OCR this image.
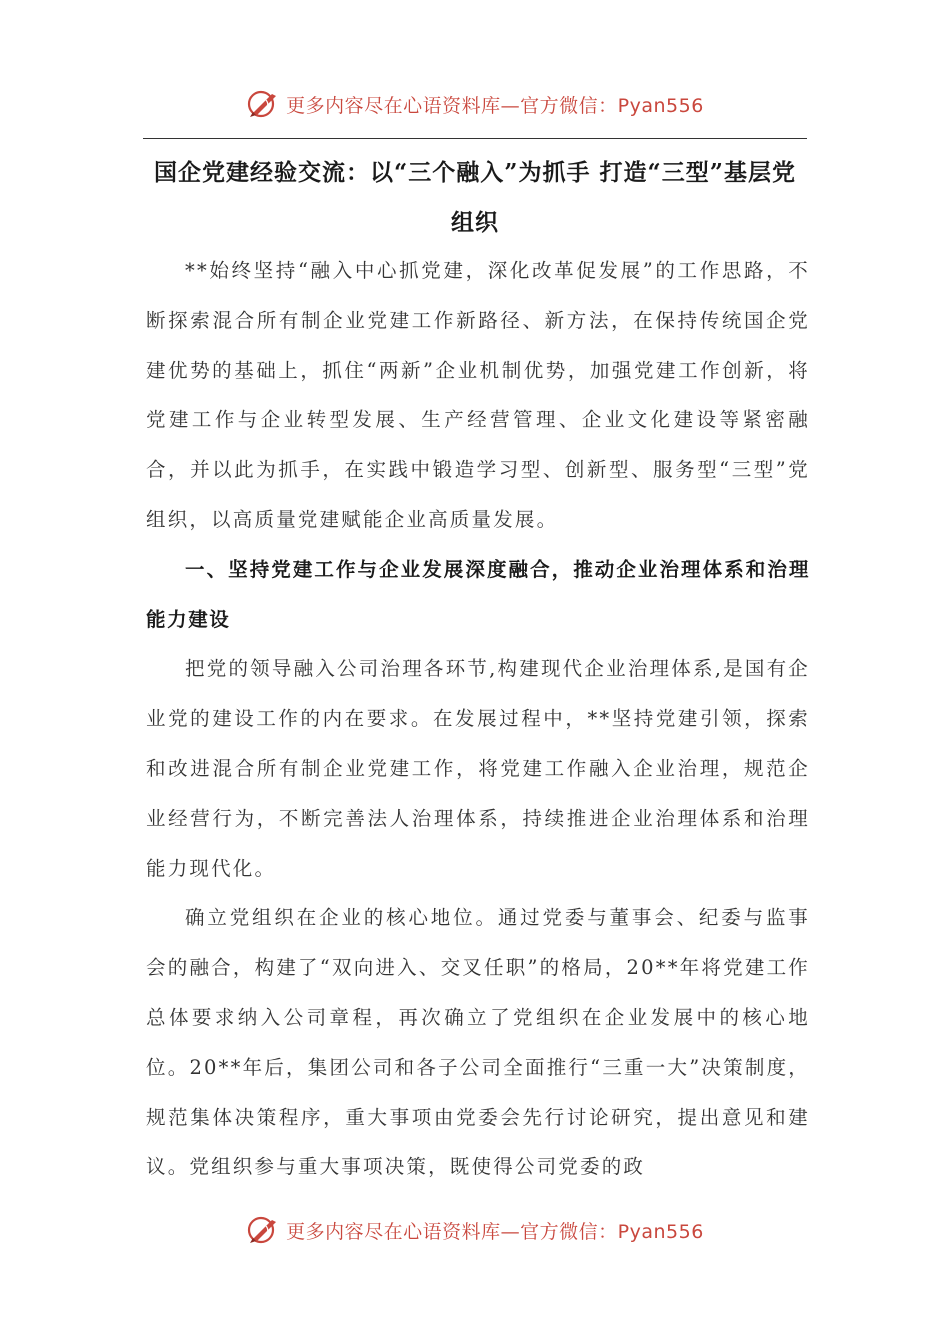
更多内容尽在心语资料库—官方微信：Pyan556
国企党建经验交流：以“三个融入”为抓手 打造“三型”基层党组织

**始终坚持“融入中心抓党建，深化改革促发展”的工作思路，不断探索混合所有制企业党建工作新路径、新方法，在保持传统国企党建优势的基础上，抓住“两新”企业机制优势，加强党建工作创新，将党建工作与企业转型发展、生产经营管理、企业文化建设等紧密融合，并以此为抓手，在实践中锻造学习型、创新型、服务型“三型”党组织，以高质量党建赋能企业高质量发展。

一、坚持党建工作与企业发展深度融合，推动企业治理体系和治理能力建设

把党的领导融入公司治理各环节,构建现代企业治理体系,是国有企业党的建设工作的内在要求。在发展过程中，**坚持党建引领，探索和改进混合所有制企业党建工作，将党建工作融入企业治理，规范企业经营行为，不断完善法人治理体系，持续推进企业治理体系和治理能力现代化。

确立党组织在企业的核心地位。通过党委与董事会、纪委与监事会的融合，构建了“双向进入、交叉任职”的格局，20**年将党建工作总体要求纳入公司章程，再次确立了党组织在企业发展中的核心地位。20**年后，集团公司和各子公司全面推行“三重一大”决策制度，规范集体决策程序，重大事项由党委会先行讨论研究，提出意见和建议。党组织参与重大事项决策，既使得公司党委的政

更多内容尽在心语资料库—官方微信：Pyan556
